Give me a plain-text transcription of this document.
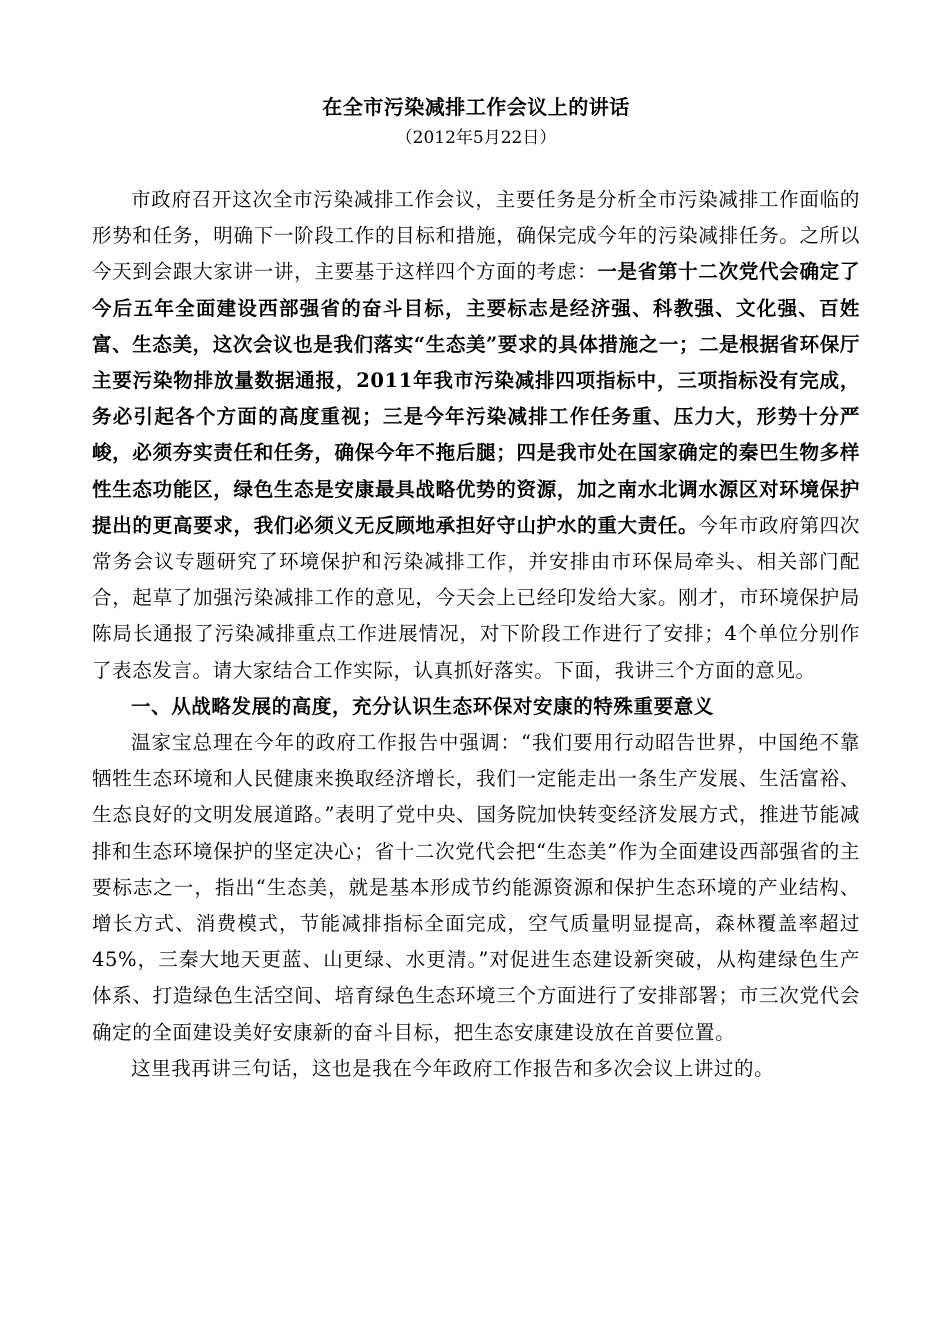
在全市污染减排工作会议上的讲话
（2012年5月22日）

市政府召开这次全市污染减排工作会议，主要任务是分析全市污染减排工作面临的形势和任务，明确下一阶段工作的目标和措施，确保完成今年的污染减排任务。之所以今天到会跟大家讲一讲，主要基于这样四个方面的考虑：一是省第十二次党代会确定了今后五年全面建设西部强省的奋斗目标，主要标志是经济强、科教强、文化强、百姓富、生态美，这次会议也是我们落实“生态美”要求的具体措施之一；二是根据省环保厅主要污染物排放量数据通报，2011年我市污染减排四项指标中，三项指标没有完成，务必引起各个方面的高度重视；三是今年污染减排工作任务重、压力大，形势十分严峻，必须夯实责任和任务，确保今年不拖后腿；四是我市处在国家确定的秦巴生物多样性生态功能区，绿色生态是安康最具战略优势的资源，加之南水北调水源区对环境保护提出的更高要求，我们必须义无反顾地承担好守山护水的重大责任。今年市政府第四次常务会议专题研究了环境保护和污染减排工作，并安排由市环保局牵头、相关部门配合，起草了加强污染减排工作的意见，今天会上已经印发给大家。刚才，市环境保护局陈局长通报了污染减排重点工作进展情况，对下阶段工作进行了安排；4个单位分别作了表态发言。请大家结合工作实际，认真抓好落实。下面，我讲三个方面的意见。

一、从战略发展的高度，充分认识生态环保对安康的特殊重要意义

温家宝总理在今年的政府工作报告中强调：“我们要用行动昭告世界，中国绝不靠牺牲生态环境和人民健康来换取经济增长，我们一定能走出一条生产发展、生活富裕、生态良好的文明发展道路。”表明了党中央、国务院加快转变经济发展方式，推进节能减排和生态环境保护的坚定决心；省十二次党代会把“生态美”作为全面建设西部强省的主要标志之一，指出“生态美，就是基本形成节约能源资源和保护生态环境的产业结构、增长方式、消费模式，节能减排指标全面完成，空气质量明显提高，森林覆盖率超过45%，三秦大地天更蓝、山更绿、水更清。”对促进生态建设新突破，从构建绿色生产体系、打造绿色生活空间、培育绿色生态环境三个方面进行了安排部署；市三次党代会确定的全面建设美好安康新的奋斗目标，把生态安康建设放在首要位置。

这里我再讲三句话，这也是我在今年政府工作报告和多次会议上讲过的。
